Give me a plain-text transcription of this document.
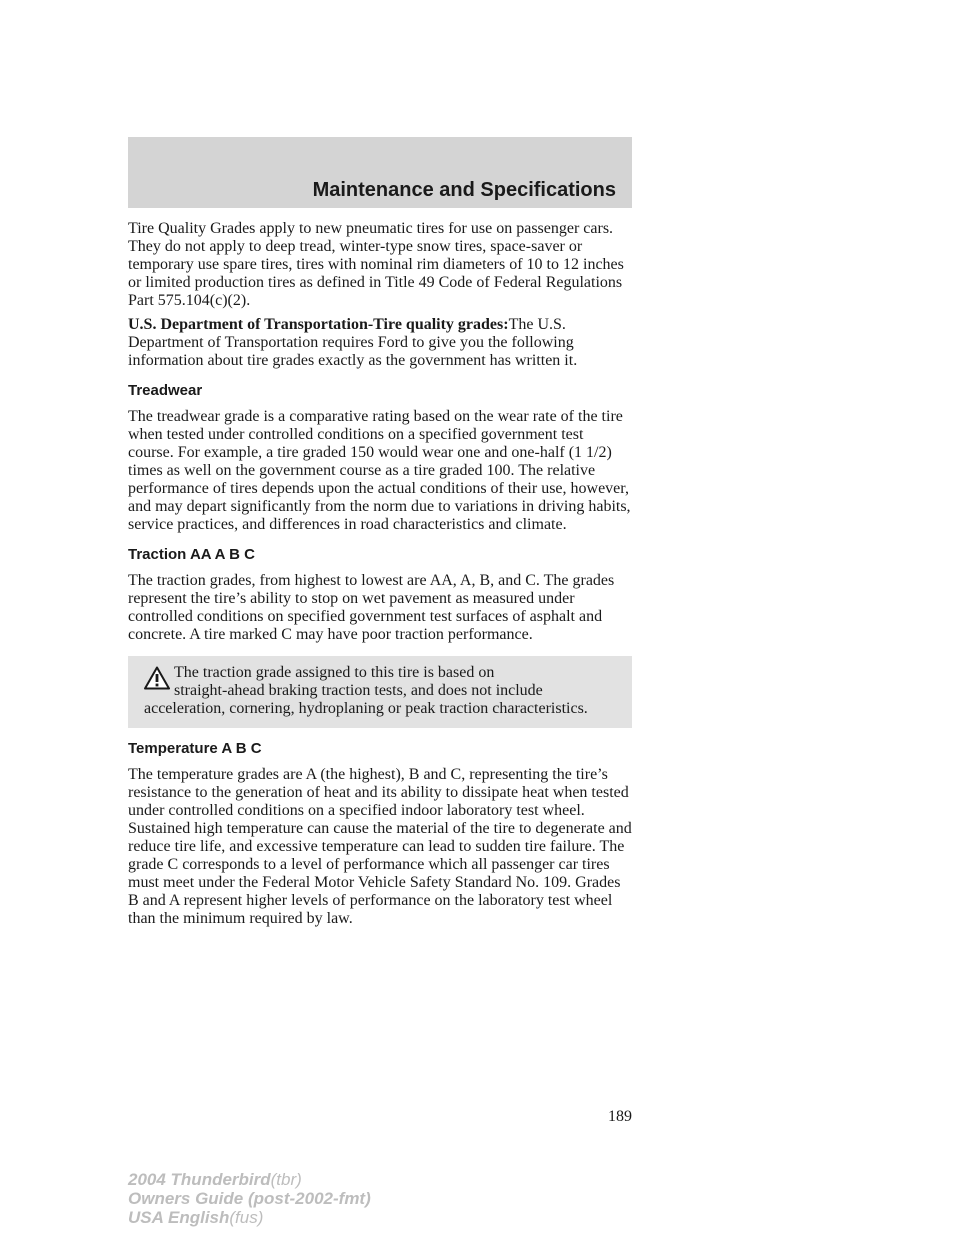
Maintenance and Specifications

Tire Quality Grades apply to new pneumatic tires for use on passenger cars. They do not apply to deep tread, winter-type snow tires, space-saver or temporary use spare tires, tires with nominal rim diameters of 10 to 12 inches or limited production tires as defined in Title 49 Code of Federal Regulations Part 575.104(c)(2).

U.S. Department of Transportation-Tire quality grades:The U.S. Department of Transportation requires Ford to give you the following information about tire grades exactly as the government has written it.

Treadwear

The treadwear grade is a comparative rating based on the wear rate of the tire when tested under controlled conditions on a specified government test course. For example, a tire graded 150 would wear one and one-half (1 1/2) times as well on the government course as a tire graded 100. The relative performance of tires depends upon the actual conditions of their use, however, and may depart significantly from the norm due to variations in driving habits, service practices, and differences in road characteristics and climate.

Traction AA A B C

The traction grades, from highest to lowest are AA, A, B, and C. The grades represent the tire’s ability to stop on wet pavement as measured under controlled conditions on specified government test surfaces of asphalt and concrete. A tire marked C may have poor traction performance.

The traction grade assigned to this tire is based on
straight-ahead braking traction tests, and does not include
acceleration, cornering, hydroplaning or peak traction characteristics.
Temperature A B C

The temperature grades are A (the highest), B and C, representing the tire’s resistance to the generation of heat and its ability to dissipate heat when tested under controlled conditions on a specified indoor laboratory test wheel. Sustained high temperature can cause the material of the tire to degenerate and reduce tire life, and excessive temperature can lead to sudden tire failure. The grade C corresponds to a level of performance which all passenger car tires must meet under the Federal Motor Vehicle Safety Standard No. 109. Grades B and A represent higher levels of performance on the laboratory test wheel than the minimum required by law.

189
2004 Thunderbird(tbr)
Owners Guide (post-2002-fmt)
USA English(fus)
